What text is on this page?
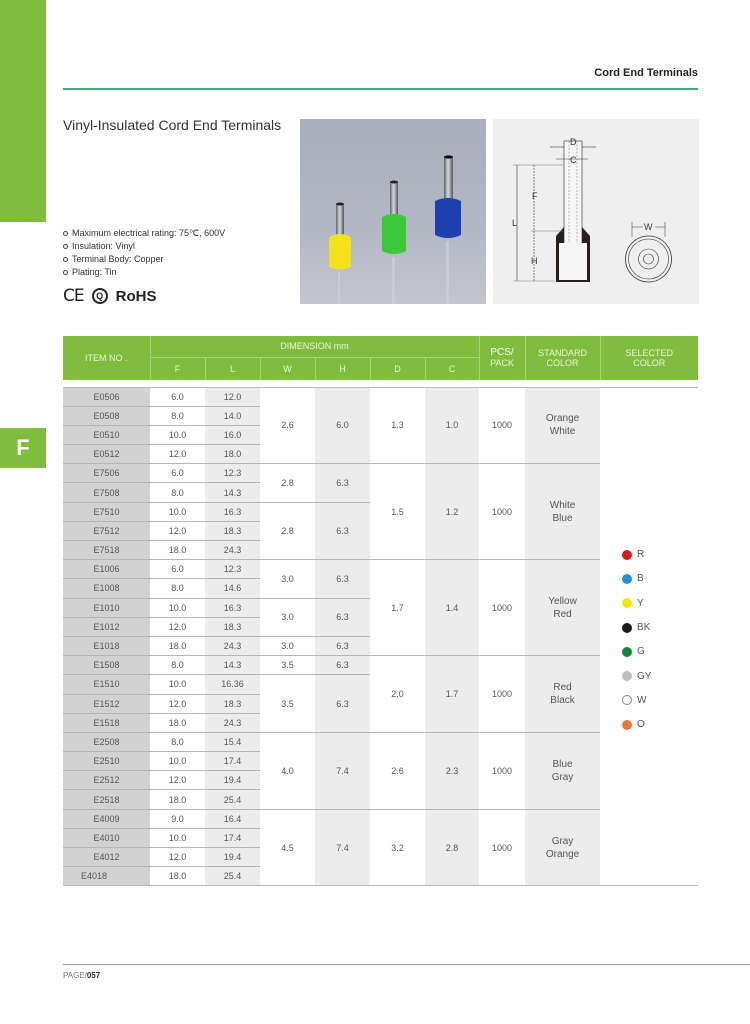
F
Cord End Terminals
Vinyl-Insulated Cord End Terminals
Maximum electrical rating: 75℃, 600V
Insulation: Vinyl
Terminal Body: Copper
Plating: Tin
CE	Q RoHS
D
C
L
F
H
W
ITEM NO .	DIMENSION mm						PCS/
PACK	STANDARD
COLOR	SELECTED
COLOR
	F	L	W	H	D	C			

E0506	6.0	12.0	2.6	6.0	1.3	1.0	1000	Orange
White	
R
B
Y
BK
G
GY
W
O

E0508	8.0	14.0							
E0510	10.0	16.0							
E0512	12.0	18.0							
E7506	6.0	12.3	2.8	6.3	1.5	1.2	1000	White
Blue	
E7508	8.0	14.3							
E7510	10.0	16.3	2.8	6.3					
E7512	12.0	18.3							
E7518	18.0	24.3							
E1006	6.0	12.3	3.0	6.3	1.7	1.4	1000	Yellow
Red	
E1008	8.0	14.6							
E1010	10.0	16.3	3.0	6.3					
E1012	12.0	18.3							
E1018	18.0	24.3	3.0	6.3					
E1508	8.0	14.3	3.5	6.3	2.0	1.7	1000	Red
Black	
E1510	10.0	16.36	3.5	6.3					
E1512	12.0	18.3							
E1518	18.0	24.3							
E2508	8.0	15.4	4.0	7.4	2.6	2.3	1000	Blue
Gray	
E2510	10.0	17.4							
E2512	12.0	19.4							
E2518	18.0	25.4							
E4009	9.0	16.4	4.5	7.4	3.2	2.8	1000	Gray
Orange	
E4010	10.0	17.4							
E4012	12.0	19.4							
E4018	18.0	25.4							
PAGE/057
